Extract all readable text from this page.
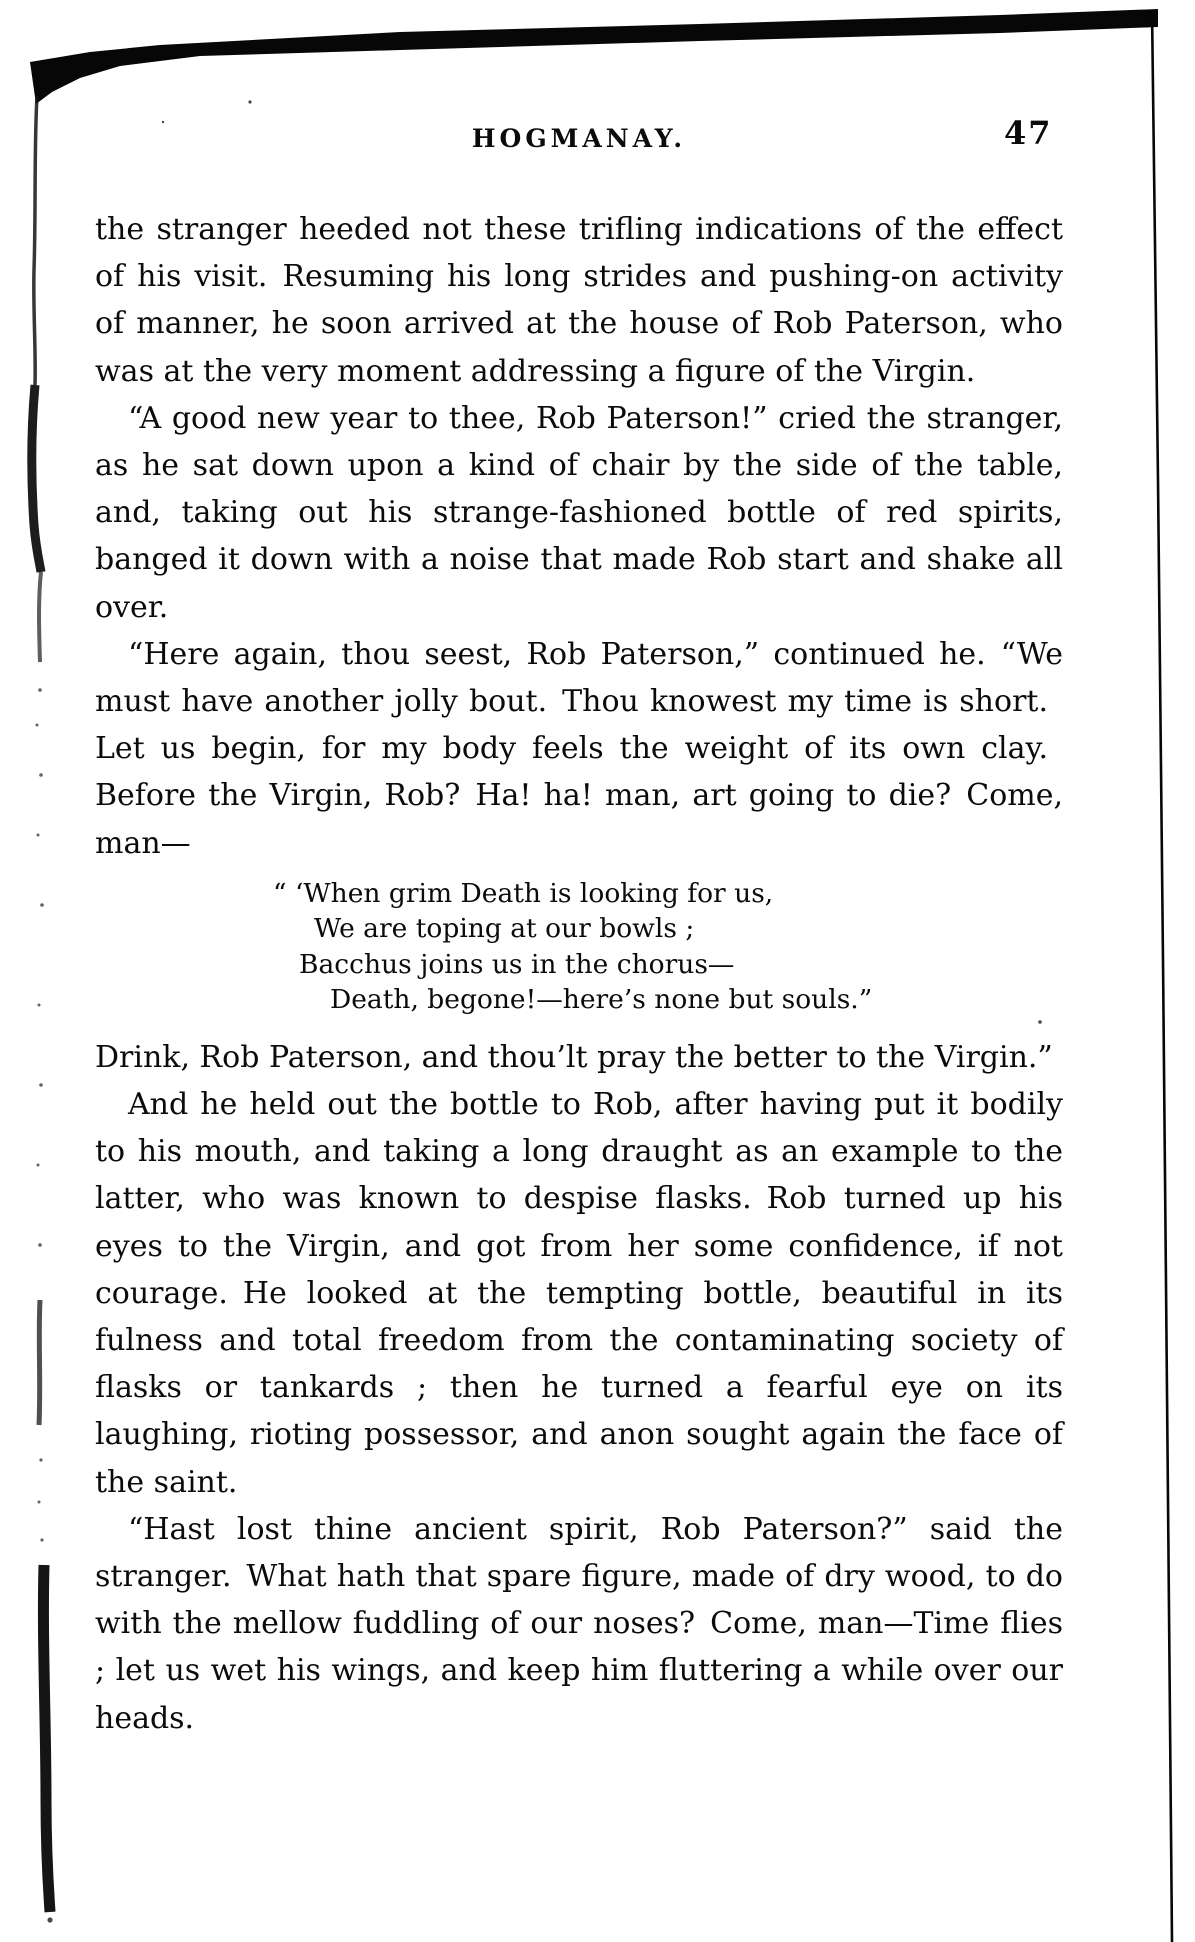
HOGMANAY.	47

the stranger heeded not these trifling indications of the effect of his visit. Resuming his long strides and pushing-on activity of manner, he soon arrived at the house of Rob Paterson, who was at the very moment addressing a figure of the Virgin.

“A good new year to thee, Rob Paterson!” cried the stranger, as he sat down upon a kind of chair by the side of the table, and, taking out his strange-fashioned bottle of red spirits, banged it down with a noise that made Rob start and shake all over.

“Here again, thou seest, Rob Paterson,” continued he. “We must have another jolly bout. Thou knowest my time is short. Let us begin, for my body feels the weight of its own clay. Before the Virgin, Rob? Ha! ha! man, art going to die? Come, man—

“ ‘When grim Death is looking for us,
We are toping at our bowls ;
Bacchus joins us in the chorus—
Death, begone!—here’s none but souls.”

Drink, Rob Paterson, and thou’lt pray the better to the Virgin.”

And he held out the bottle to Rob, after having put it bodily to his mouth, and taking a long draught as an example to the latter, who was known to despise flasks. Rob turned up his eyes to the Virgin, and got from her some confidence, if not courage. He looked at the tempting bottle, beautiful in its fulness and total freedom from the contaminating society of flasks or tankards ; then he turned a fearful eye on its laughing, rioting possessor, and anon sought again the face of the saint.

“Hast lost thine ancient spirit, Rob Paterson?” said the stranger. What hath that spare figure, made of dry wood, to do with the mellow fuddling of our noses? Come, man—Time flies ; let us wet his wings, and keep him fluttering a while over our heads.
